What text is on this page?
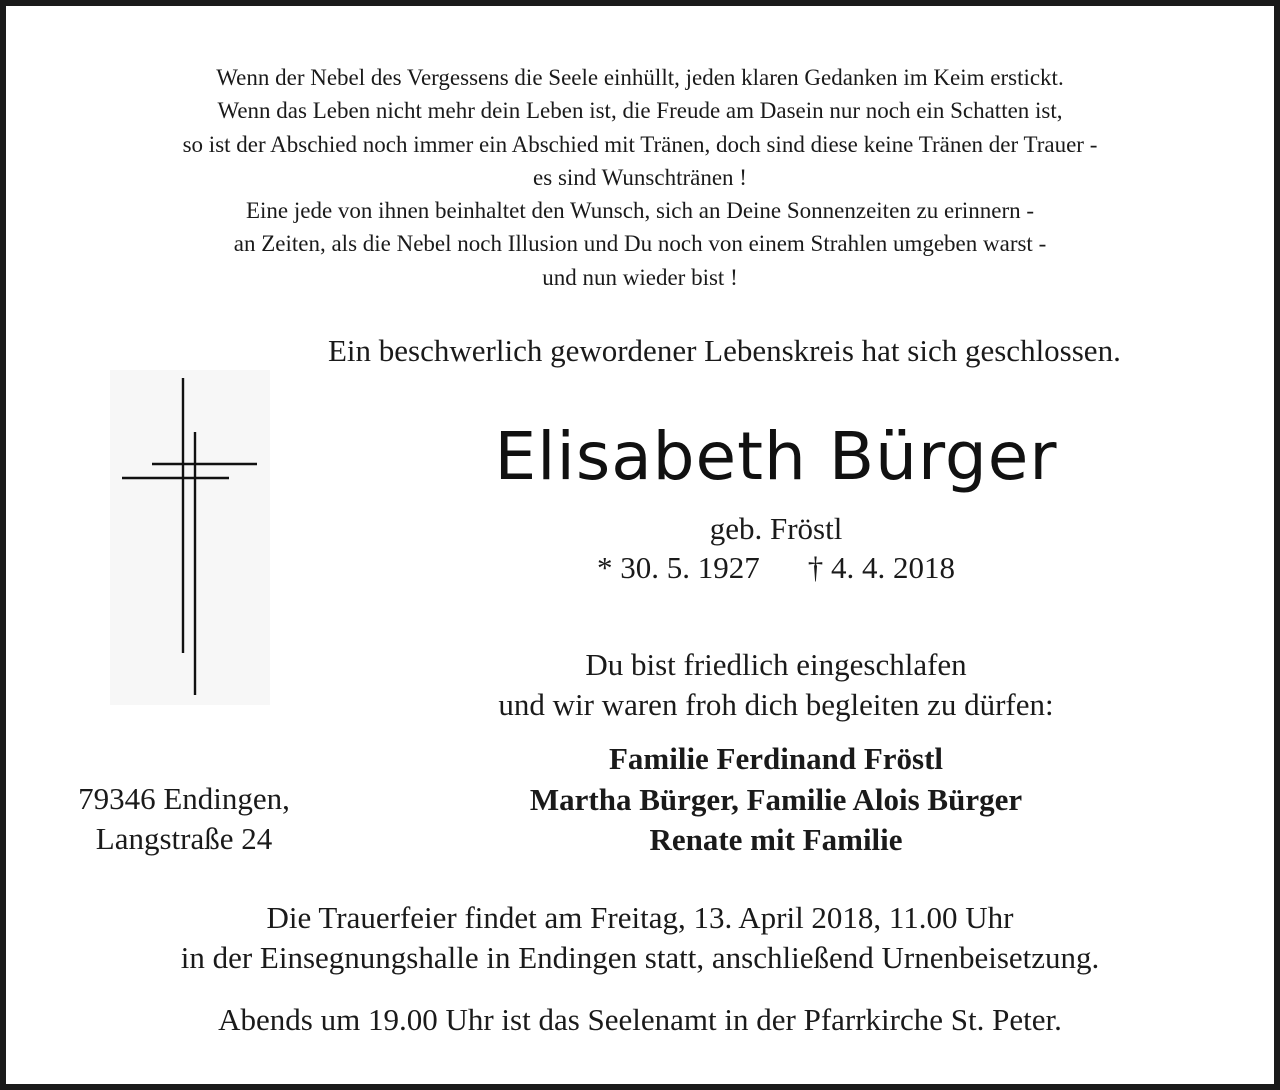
Wenn der Nebel des Vergessens die Seele einhüllt, jeden klaren Gedanken im Keim erstickt.
Wenn das Leben nicht mehr dein Leben ist, die Freude am Dasein nur noch ein Schatten ist,
so ist der Abschied noch immer ein Abschied mit Tränen, doch sind diese keine Tränen der Trauer -
es sind Wunschtränen !
Eine jede von ihnen beinhaltet den Wunsch, sich an Deine Sonnenzeiten zu erinnern -
an Zeiten, als die Nebel noch Illusion und Du noch von einem Strahlen umgeben warst -
und nun wieder bist !
Ein beschwerlich gewordener Lebenskreis hat sich geschlossen.
Elisabeth Bürger
geb. Fröstl
* 30. 5. 1927 † 4. 4. 2018
Du bist friedlich eingeschlafen
und wir waren froh dich begleiten zu dürfen:
Familie Ferdinand Fröstl
Martha Bürger, Familie Alois Bürger
Renate mit Familie
79346 Endingen,
Langstraße 24
Die Trauerfeier findet am Freitag, 13. April 2018, 11.00 Uhr
in der Einsegnungshalle in Endingen statt, anschließend Urnenbeisetzung.
Abends um 19.00 Uhr ist das Seelenamt in der Pfarrkirche St. Peter.
